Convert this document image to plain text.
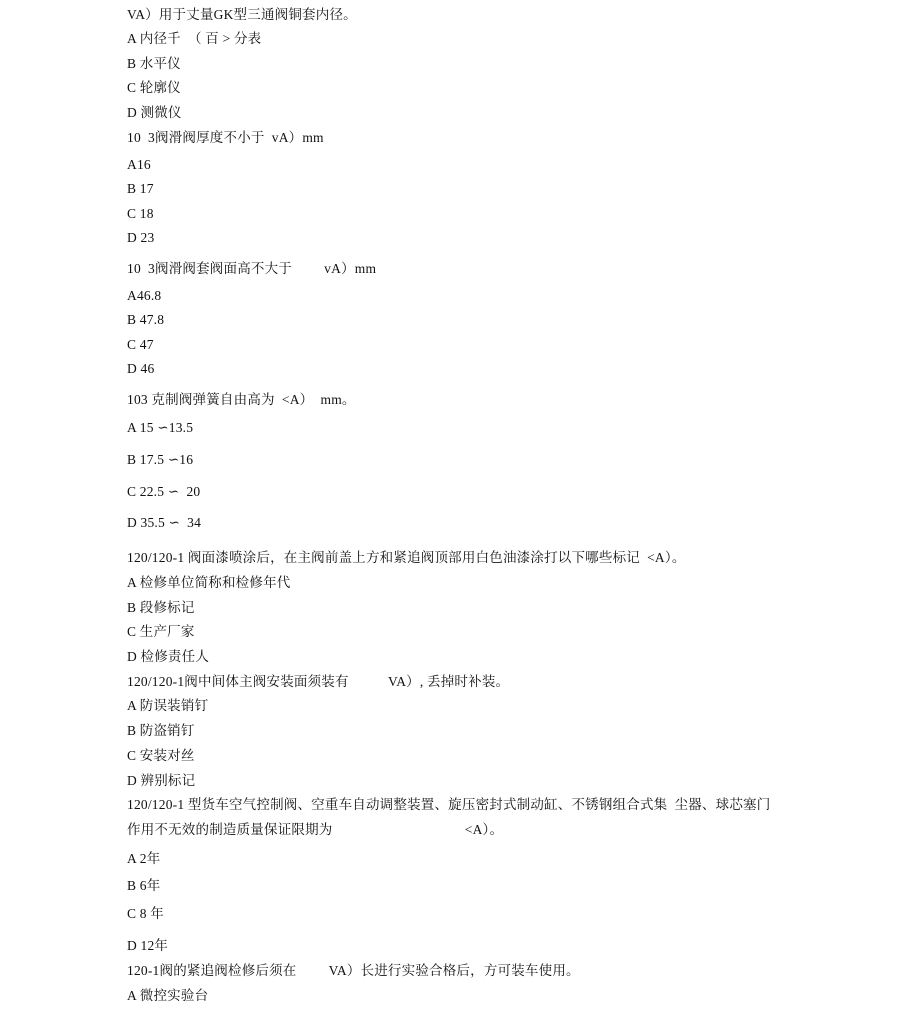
VA）用于丈量GK型三通阀铜套内径。
A 内径千  （ 百 > 分表
B 水平仪
C 轮廓仪
D 测微仪
10  3阀滑阀厚度不小于  vA）mm
A16
B 17
C 18
D 23
10  3阀滑阀套阀面高不大于         vA）mm
A46.8
B 47.8
C 47
D 46
103 克制阀弹簧自由高为  <A）  mm。
A 15 ∽13.5
B 17.5 ∽16
C 22.5 ∽  20
D 35.5 ∽  34
120/120-1 阀面漆喷涂后，在主阀前盖上方和紧追阀顶部用白色油漆涂打以下哪些标记  <A）。
A 检修单位简称和检修年代
B 段修标记
C 生产厂家
D 检修责任人
120/120-1阀中间体主阀安装面须装有           VA）, 丢掉时补装。
A 防误装销钉
B 防盗销钉
C 安装对丝
D 辨别标记
120/120-1 型货车空气控制阀、空重车自动调整装置、旋压密封式制动缸、不锈钢组合式集  尘器、球芯塞门
作用不无效的制造质量保证限期为                                     <A）。
A 2年
B 6年
C 8 年
D 12年
120-1阀的紧追阀检修后须在         VA）长进行实验合格后，方可装车使用。
A 微控实验台
